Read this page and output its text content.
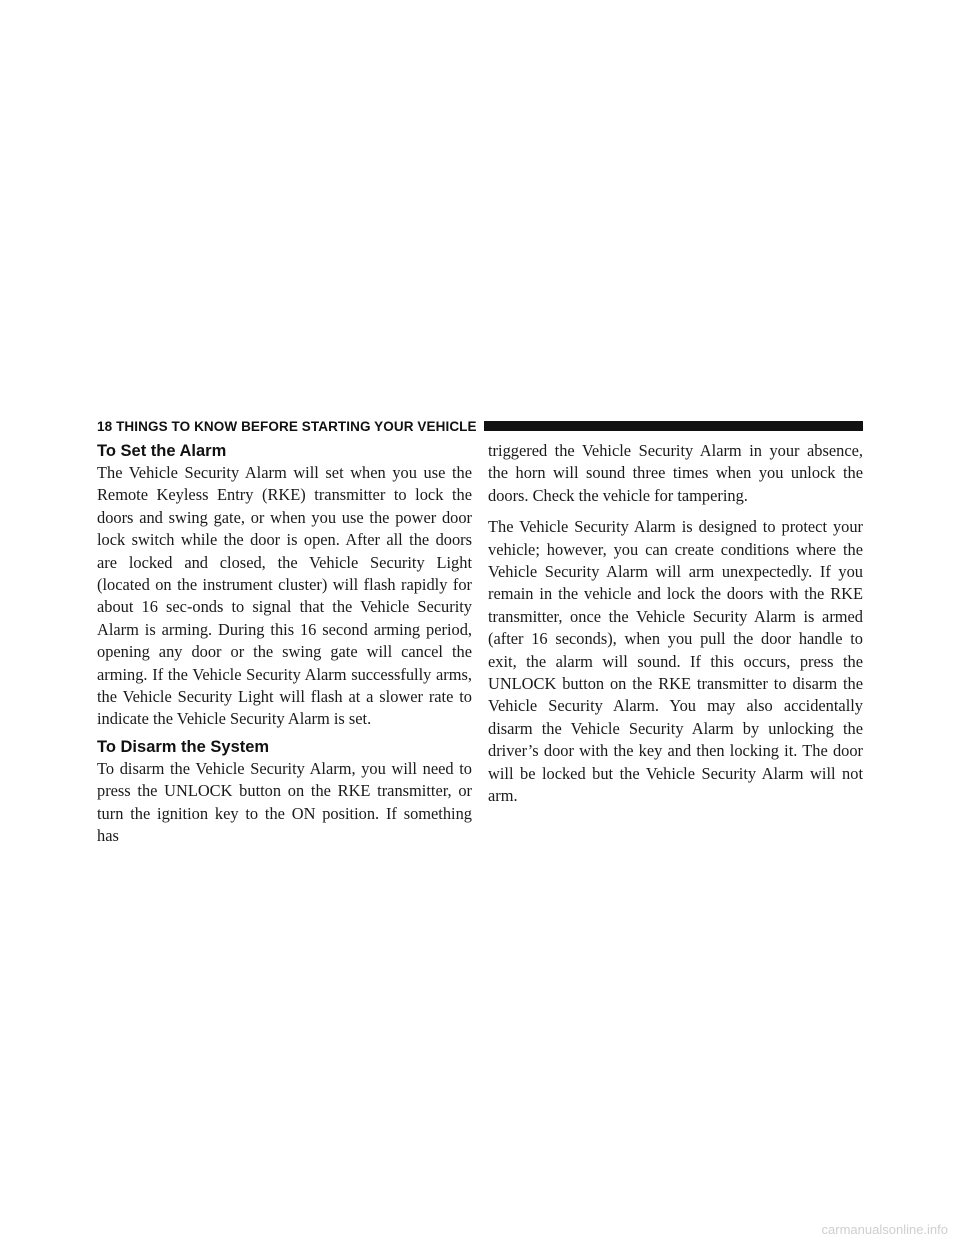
18 THINGS TO KNOW BEFORE STARTING YOUR VEHICLE
To Set the Alarm

The Vehicle Security Alarm will set when you use the Remote Keyless Entry (RKE) transmitter to lock the doors and swing gate, or when you use the power door lock switch while the door is open. After all the doors are locked and closed, the Vehicle Security Light (located on the instrument cluster) will flash rapidly for about 16 sec-onds to signal that the Vehicle Security Alarm is arming. During this 16 second arming period, opening any door or the swing gate will cancel the arming. If the Vehicle Security Alarm successfully arms, the Vehicle Security Light will flash at a slower rate to indicate the Vehicle Security Alarm is set.

To Disarm the System

To disarm the Vehicle Security Alarm, you will need to press the UNLOCK button on the RKE transmitter, or turn the ignition key to the ON position. If something has

triggered the Vehicle Security Alarm in your absence, the horn will sound three times when you unlock the doors. Check the vehicle for tampering.

The Vehicle Security Alarm is designed to protect your vehicle; however, you can create conditions where the Vehicle Security Alarm will arm unexpectedly. If you remain in the vehicle and lock the doors with the RKE transmitter, once the Vehicle Security Alarm is armed (after 16 seconds), when you pull the door handle to exit, the alarm will sound. If this occurs, press the UNLOCK button on the RKE transmitter to disarm the Vehicle Security Alarm. You may also accidentally disarm the Vehicle Security Alarm by unlocking the driver’s door with the key and then locking it. The door will be locked but the Vehicle Security Alarm will not arm.

carmanualsonline.info
